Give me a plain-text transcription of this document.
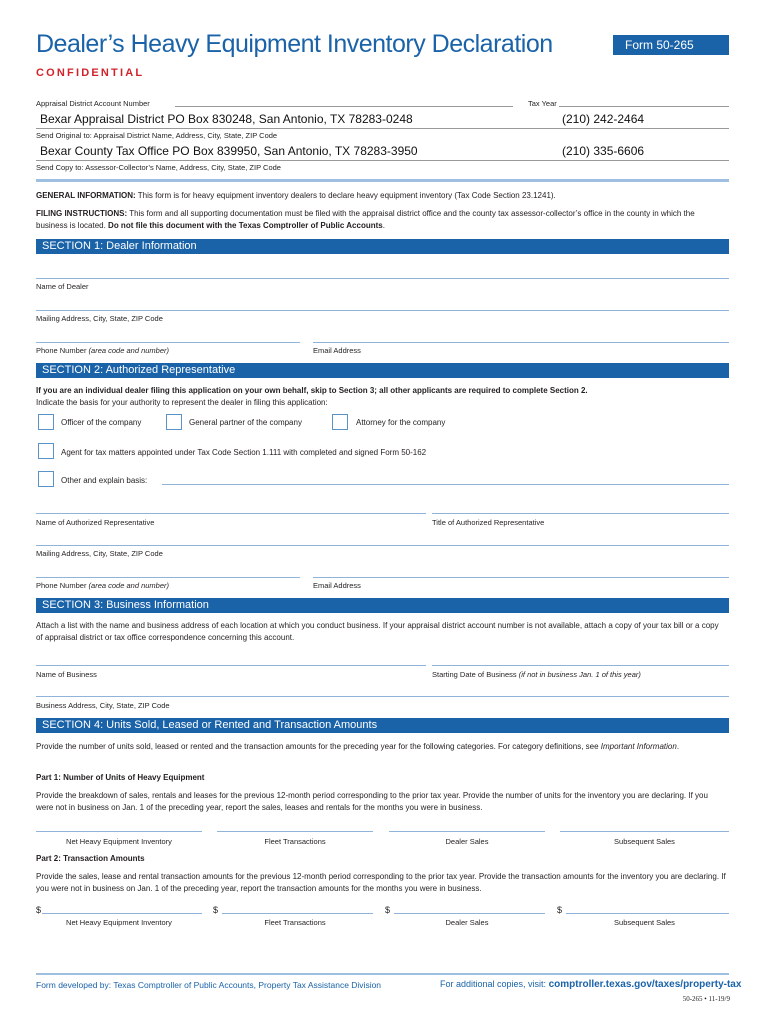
Dealer’s Heavy Equipment Inventory Declaration	Form 50-265
CONFIDENTIAL
Appraisal District Account Number	Tax Year
Bexar Appraisal District PO Box 830248, San Antonio, TX 78283-0248	(210) 242-2464
Send Original to: Appraisal District Name, Address, City, State, ZIP Code
Bexar County Tax Office PO Box 839950, San Antonio, TX 78283-3950	(210) 335-6606
Send Copy to: Assessor-Collector’s Name, Address, City, State, ZIP Code
GENERAL INFORMATION: This form is for heavy equipment inventory dealers to declare heavy equipment inventory (Tax Code Section 23.1241).
FILING INSTRUCTIONS: This form and all supporting documentation must be filed with the appraisal district office and the county tax assessor-collector’s office in the county in which the business is located. Do not file this document with the Texas Comptroller of Public Accounts.
SECTION 1: Dealer Information
Name of Dealer
Mailing Address, City, State, ZIP Code
Phone Number (area code and number)	Email Address
SECTION 2: Authorized Representative
If you are an individual dealer filing this application on your own behalf, skip to Section 3; all other applicants are required to complete Section 2.
Indicate the basis for your authority to represent the dealer in filing this application:
Officer of the company	General partner of the company	Attorney for the company
Agent for tax matters appointed under Tax Code Section 1.111 with completed and signed Form 50-162
Other and explain basis:
Name of Authorized Representative	Title of Authorized Representative
Mailing Address, City, State, ZIP Code
Phone Number (area code and number)	Email Address
SECTION 3: Business Information
Attach a list with the name and business address of each location at which you conduct business. If your appraisal district account number is not available, attach a copy of your tax bill or a copy of appraisal district or tax office correspondence concerning this account.
Name of Business	Starting Date of Business (if not in business Jan. 1 of this year)
Business Address, City, State, ZIP Code
SECTION 4: Units Sold, Leased or Rented and Transaction Amounts
Provide the number of units sold, leased or rented and the transaction amounts for the preceding year for the following categories. For category definitions, see Important Information.
Part 1: Number of Units of Heavy Equipment
Provide the breakdown of sales, rentals and leases for the previous 12-month period corresponding to the prior tax year. Provide the number of units for the inventory you are declaring. If you were not in business on Jan. 1 of the preceding year, report the sales, leases and rentals for the months you were in business.
Net Heavy Equipment Inventory	Fleet Transactions	Dealer Sales	Subsequent Sales
Part 2: Transaction Amounts
Provide the sales, lease and rental transaction amounts for the previous 12-month period corresponding to the prior tax year. Provide the transaction amounts for the inventory you are declaring. If you were not in business on Jan. 1 of the preceding year, report the transaction amounts for the months you were in business.
$	$	$	$
Net Heavy Equipment Inventory	Fleet Transactions	Dealer Sales	Subsequent Sales
Form developed by: Texas Comptroller of Public Accounts, Property Tax Assistance Division	For additional copies, visit: comptroller.texas.gov/taxes/property-tax
50-265 • 11-19/9
